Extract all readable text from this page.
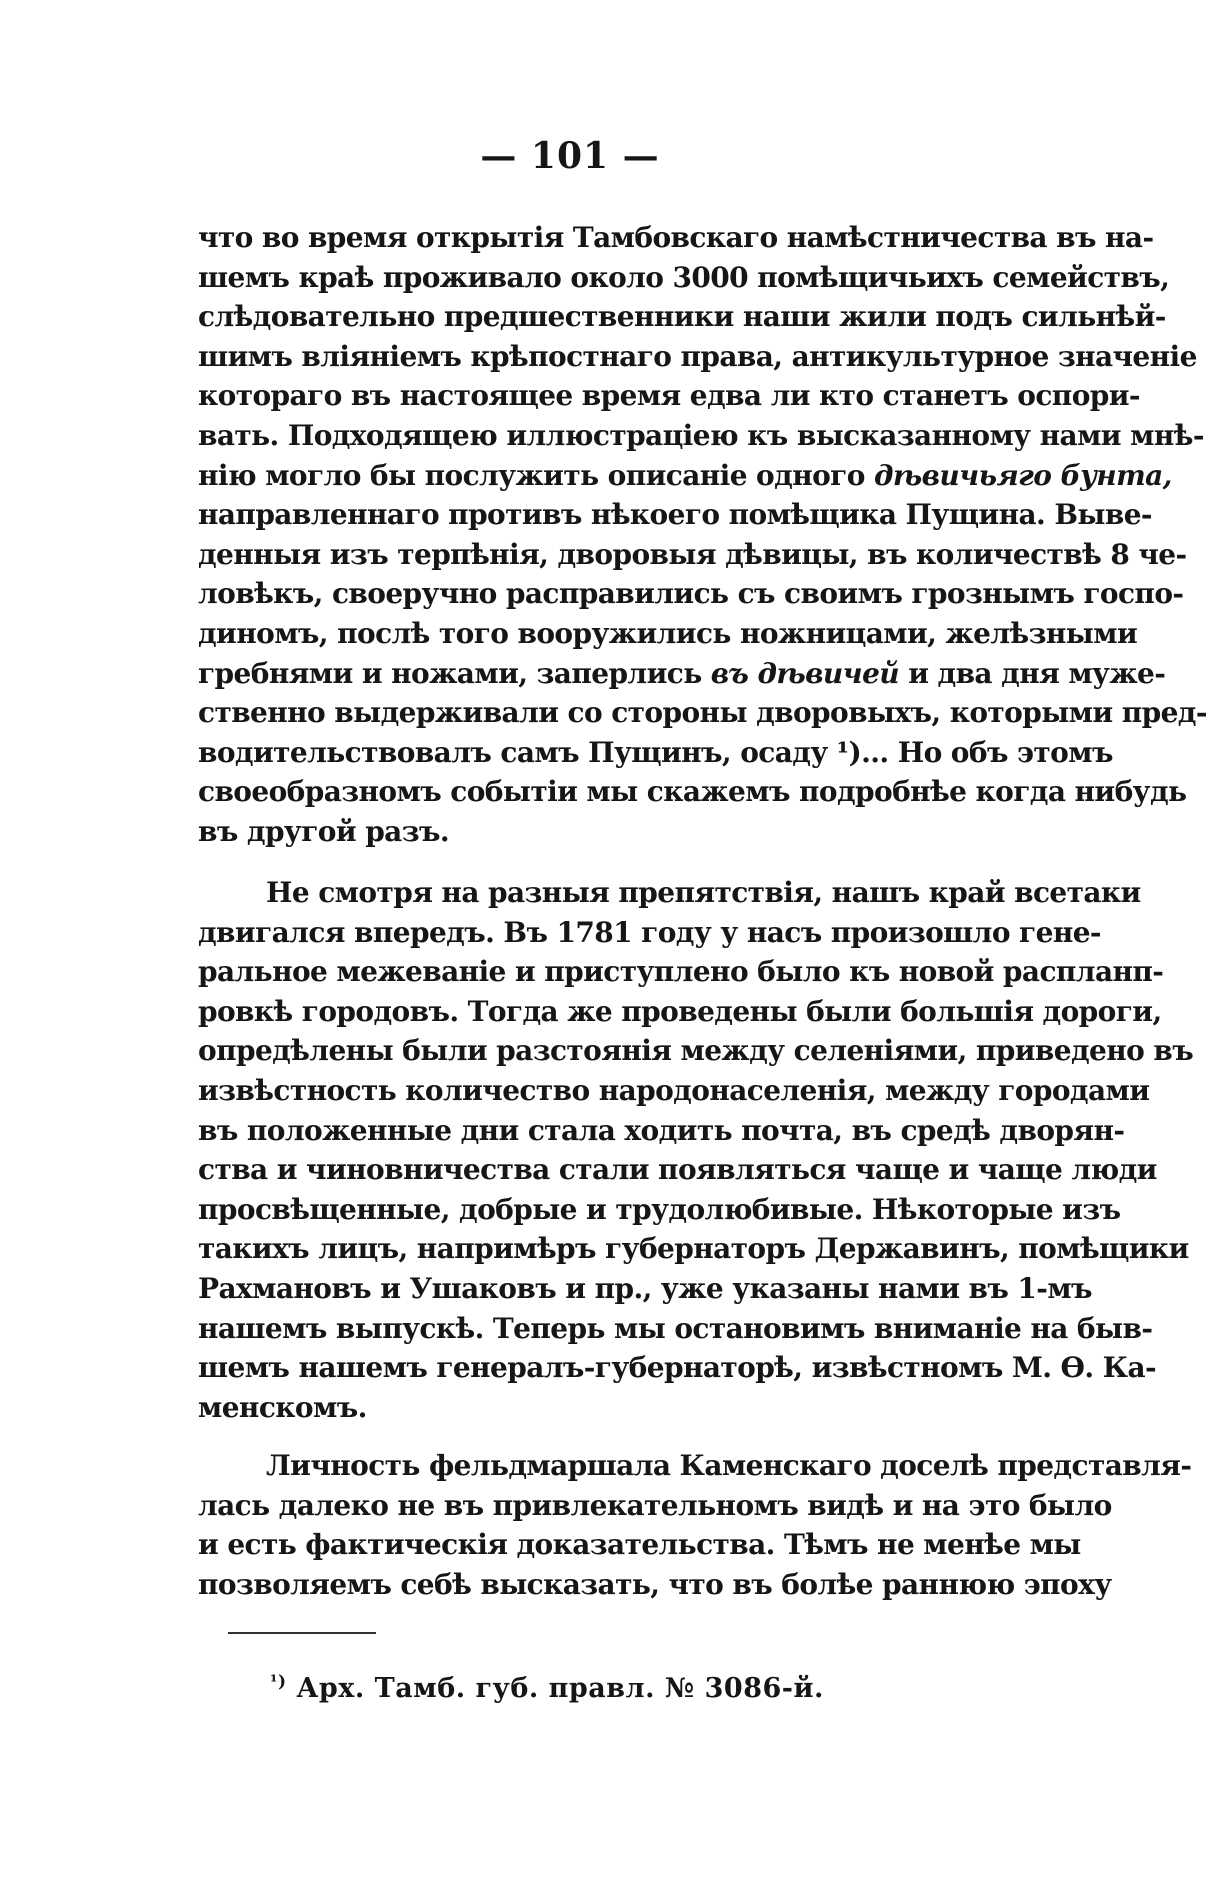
— 101 —
что во время открытія Тамбовскаго намѣстничества въ на-
шемъ краѣ проживало около 3000 помѣщичьихъ семействъ,
слѣдовательно предшественники наши жили подъ сильнѣй-
шимъ вліяніемъ крѣпостнаго права, антикультурное значеніе
котораго въ настоящее время едва ли кто станетъ оспори-
вать. Подходящею иллюстраціею къ высказанному нами мнѣ-
нію могло бы послужить описаніе одного дѣвичьяго бунта,
направленнаго противъ нѣкоего помѣщика Пущина. Выве-
денныя изъ терпѣнія, дворовыя дѣвицы, въ количествѣ 8 че-
ловѣкъ, своеручно расправились съ своимъ грознымъ госпо-
диномъ, послѣ того вооружились ножницами, желѣзными
гребнями и ножами, заперлись въ дѣвичей и два дня муже-
ственно выдерживали со стороны дворовыхъ, которыми пред-
водительствовалъ самъ Пущинъ, осаду ¹)... Но объ этомъ
своеобразномъ событіи мы скажемъ подробнѣе когда нибудь
въ другой разъ.
Не смотря на разныя препятствія, нашъ край всетаки
двигался впередъ. Въ 1781 году у насъ произошло гене-
ральное межеваніе и приступлено было къ новой распланп-
ровкѣ городовъ. Тогда же проведены были большія дороги,
опредѣлены были разстоянія между селеніями, приведено въ
извѣстность количество народонаселенія, между городами
въ положенные дни стала ходить почта, въ средѣ дворян-
ства и чиновничества стали появляться чаще и чаще люди
просвѣщенные, добрые и трудолюбивые. Нѣкоторые изъ
такихъ лицъ, напримѣръ губернаторъ Державинъ, помѣщики
Рахмановъ и Ушаковъ и пр., уже указаны нами въ 1-мъ
нашемъ выпускѣ. Теперь мы остановимъ вниманіе на быв-
шемъ нашемъ генералъ-губернаторѣ, извѣстномъ М. Ѳ. Ка-
менскомъ.
Личность фельдмаршала Каменскаго доселѣ представля-
лась далеко не въ привлекательномъ видѣ и на это было
и есть фактическія доказательства. Тѣмъ не менѣе мы
позволяемъ себѣ высказать, что въ болѣе раннюю эпоху
$^{^1)}$ Арх. Тамб. губ. правл. № 3086-й.
